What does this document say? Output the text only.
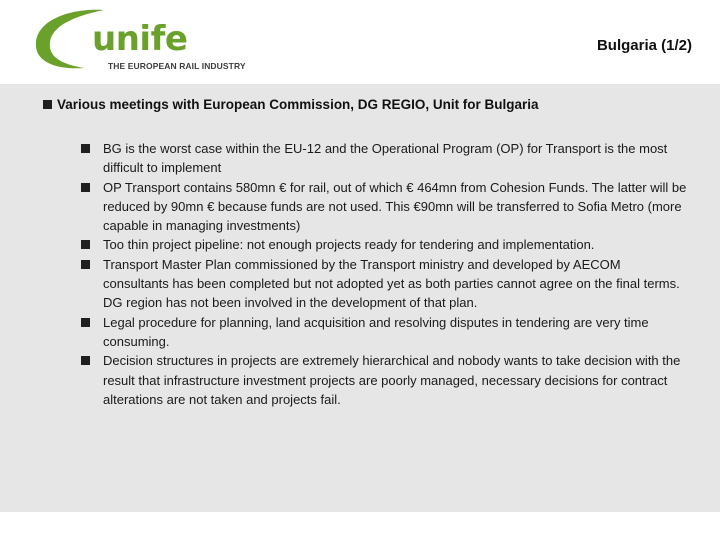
unife
THE EUROPEAN RAIL INDUSTRY
Bulgaria (1/2)
Various meetings with European Commission, DG REGIO, Unit for Bulgaria

BG is the worst case within the EU-12 and the Operational Program (OP) for Transport is the most difficult to implement

OP Transport contains 580mn € for rail, out of which € 464mn from Cohesion Funds. The latter will be reduced by 90mn € because funds are not used. This €90mn will be transferred to Sofia Metro (more capable in managing investments)

Too thin project pipeline: not enough projects ready for tendering and implementation.

Transport Master Plan commissioned by the Transport ministry and developed by AECOM consultants has been completed but not adopted yet as both parties cannot agree on the final terms. DG region has not been involved in the development of that plan.

Legal procedure for planning, land acquisition and resolving disputes in tendering are very time consuming.

Decision structures in projects are extremely hierarchical and nobody wants to take decision with the result that infrastructure investment projects are poorly managed, necessary decisions for contract alterations are not taken and projects fail.
